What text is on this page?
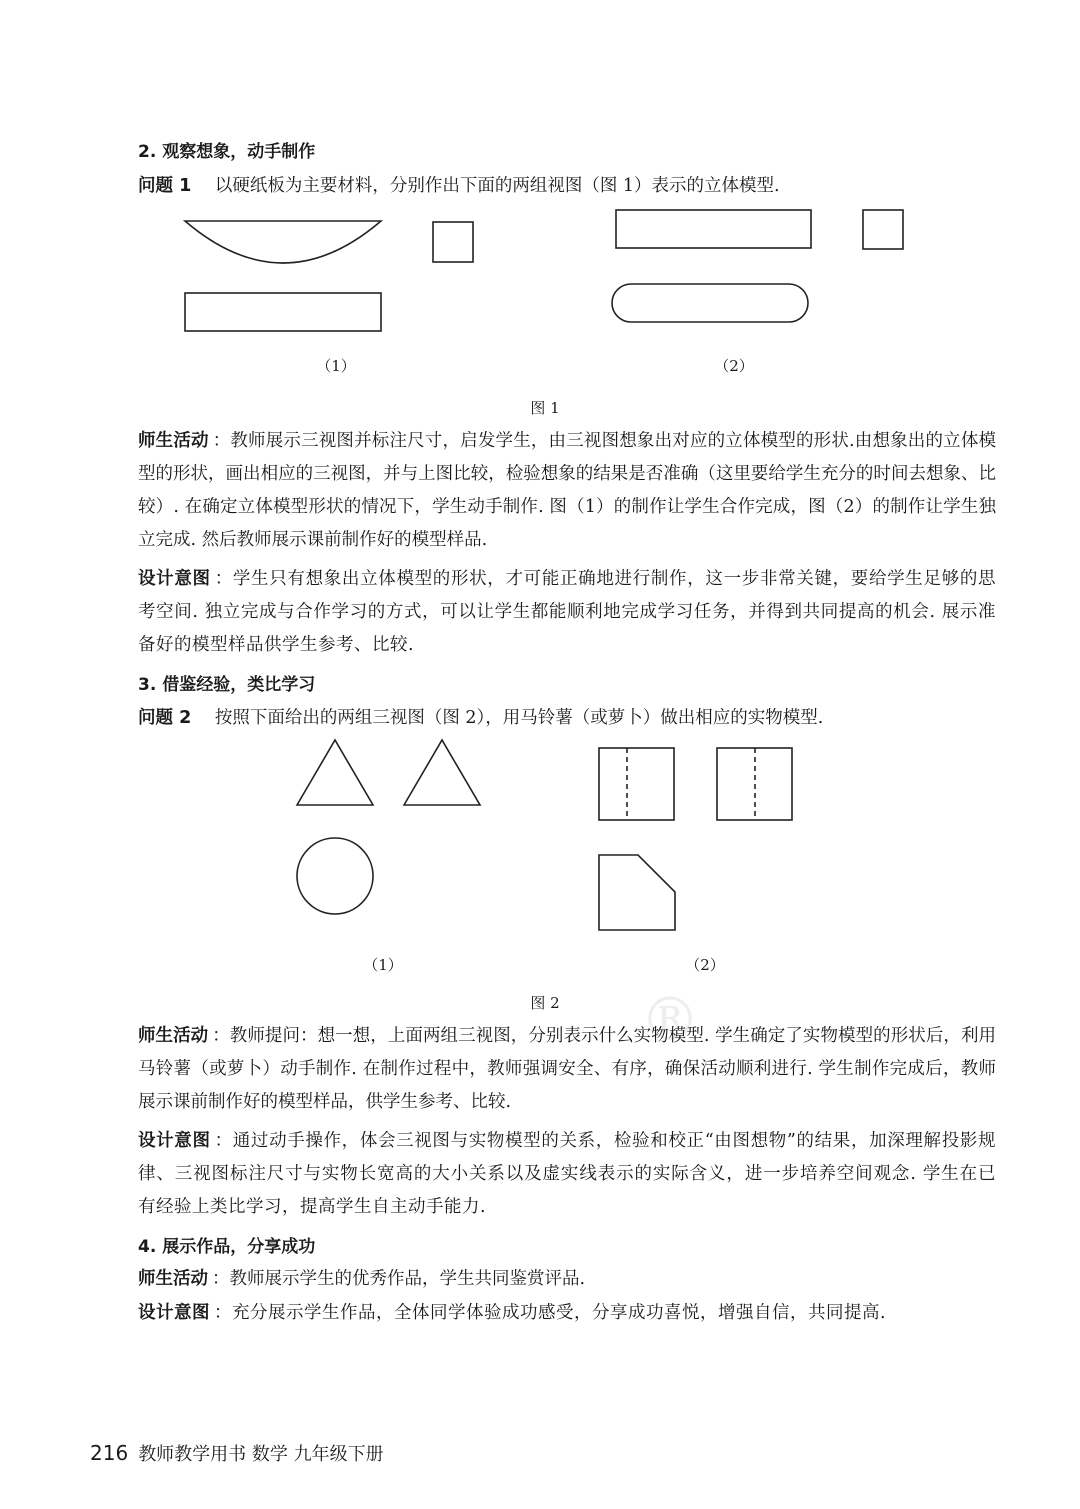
®
2. 观察想象，动手制作
问题 1 以硬纸板为主要材料，分别作出下面的两组视图（图 1）表示的立体模型.
（1）	（2）
图 1
师生活动 ：教师展示三视图并标注尺寸，启发学生，由三视图想象出对应的立体模型的形状.由想象出的立体模型的形状，画出相应的三视图，并与上图比较，检验想象的结果是否准确（这里要给学生充分的时间去想象、比较）. 在确定立体模型形状的情况下，学生动手制作. 图（1）的制作让学生合作完成，图（2）的制作让学生独立完成. 然后教师展示课前制作好的模型样品.
设计意图 ：学生只有想象出立体模型的形状，才可能正确地进行制作，这一步非常关键，要给学生足够的思考空间. 独立完成与合作学习的方式，可以让学生都能顺利地完成学习任务，并得到共同提高的机会. 展示准备好的模型样品供学生参考、比较.
3. 借鉴经验，类比学习
问题 2 按照下面给出的两组三视图（图 2），用马铃薯（或萝卜）做出相应的实物模型.
（1）	（2）
图 2
师生活动 ：教师提问：想一想，上面两组三视图，分别表示什么实物模型. 学生确定了实物模型的形状后，利用马铃薯（或萝卜）动手制作. 在制作过程中，教师强调安全、有序，确保活动顺利进行. 学生制作完成后，教师展示课前制作好的模型样品，供学生参考、比较.
设计意图 ：通过动手操作，体会三视图与实物模型的关系，检验和校正“由图想物”的结果，加深理解投影规律、三视图标注尺寸与实物长宽高的大小关系以及虚实线表示的实际含义，进一步培养空间观念. 学生在已有经验上类比学习，提高学生自主动手能力.
4. 展示作品，分享成功
师生活动 ：教师展示学生的优秀作品，学生共同鉴赏评品.
设计意图 ：充分展示学生作品，全体同学体验成功感受，分享成功喜悦，增强自信，共同提高.
216 教师教学用书 数学 九年级下册
